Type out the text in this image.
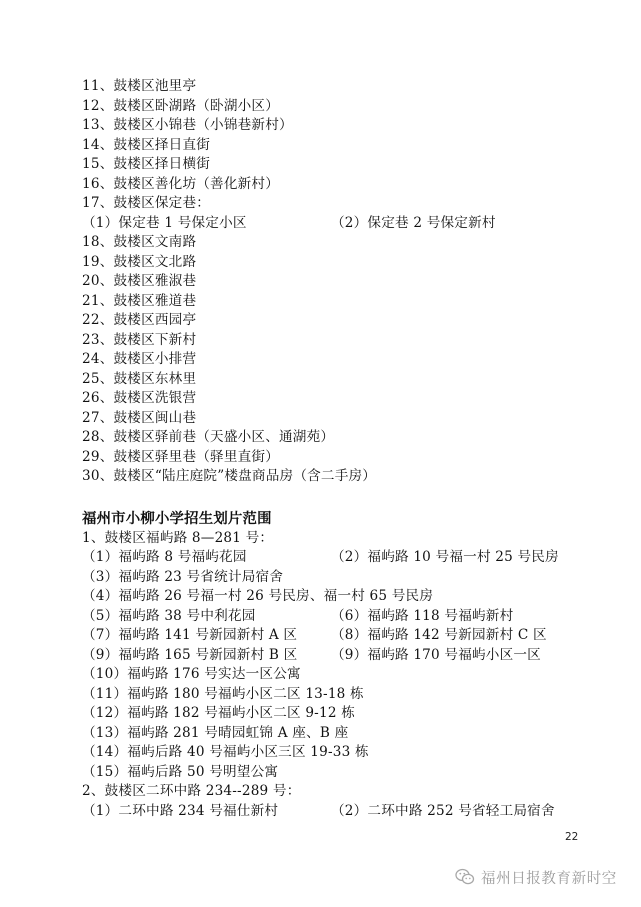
11、鼓楼区池里亭
12、鼓楼区卧湖路（卧湖小区）
13、鼓楼区小锦巷（小锦巷新村）
14、鼓楼区择日直街
15、鼓楼区择日横街
16、鼓楼区善化坊（善化新村）
17、鼓楼区保定巷：
（1）保定巷 1 号保定小区	（2）保定巷 2 号保定新村
18、鼓楼区文南路
19、鼓楼区文北路
20、鼓楼区雅淑巷
21、鼓楼区雅道巷
22、鼓楼区西园亭
23、鼓楼区下新村
24、鼓楼区小排营
25、鼓楼区东林里
26、鼓楼区洗银营
27、鼓楼区闽山巷
28、鼓楼区驿前巷（天盛小区、通湖苑）
29、鼓楼区驿里巷（驿里直街）
30、鼓楼区“陆庄庭院”楼盘商品房（含二手房）
福州市小柳小学招生划片范围
1、鼓楼区福屿路 8—281 号：
（1）福屿路 8 号福屿花园	（2）福屿路 10 号福一村 25 号民房
（3）福屿路 23 号省统计局宿舍
（4）福屿路 26 号福一村 26 号民房、福一村 65 号民房
（5）福屿路 38 号中利花园	（6）福屿路 118 号福屿新村
（7）福屿路 141 号新园新村 A 区 （8）福屿路 142 号新园新村 C 区
（9）福屿路 165 号新园新村 B 区 （9）福屿路 170 号福屿小区一区
（10）福屿路 176 号实达一区公寓
（11）福屿路 180 号福屿小区二区 13-18 栋
（12）福屿路 182 号福屿小区二区 9-12 栋
（13）福屿路 281 号晴园虹锦 A 座、B 座
（14）福屿后路 40 号福屿小区三区 19-33 栋
（15）福屿后路 50 号明望公寓
2、鼓楼区二环中路 234--289 号：
（1）二环中路 234 号福仕新村	（2）二环中路 252 号省轻工局宿舍
22
福州日报教育新时空
